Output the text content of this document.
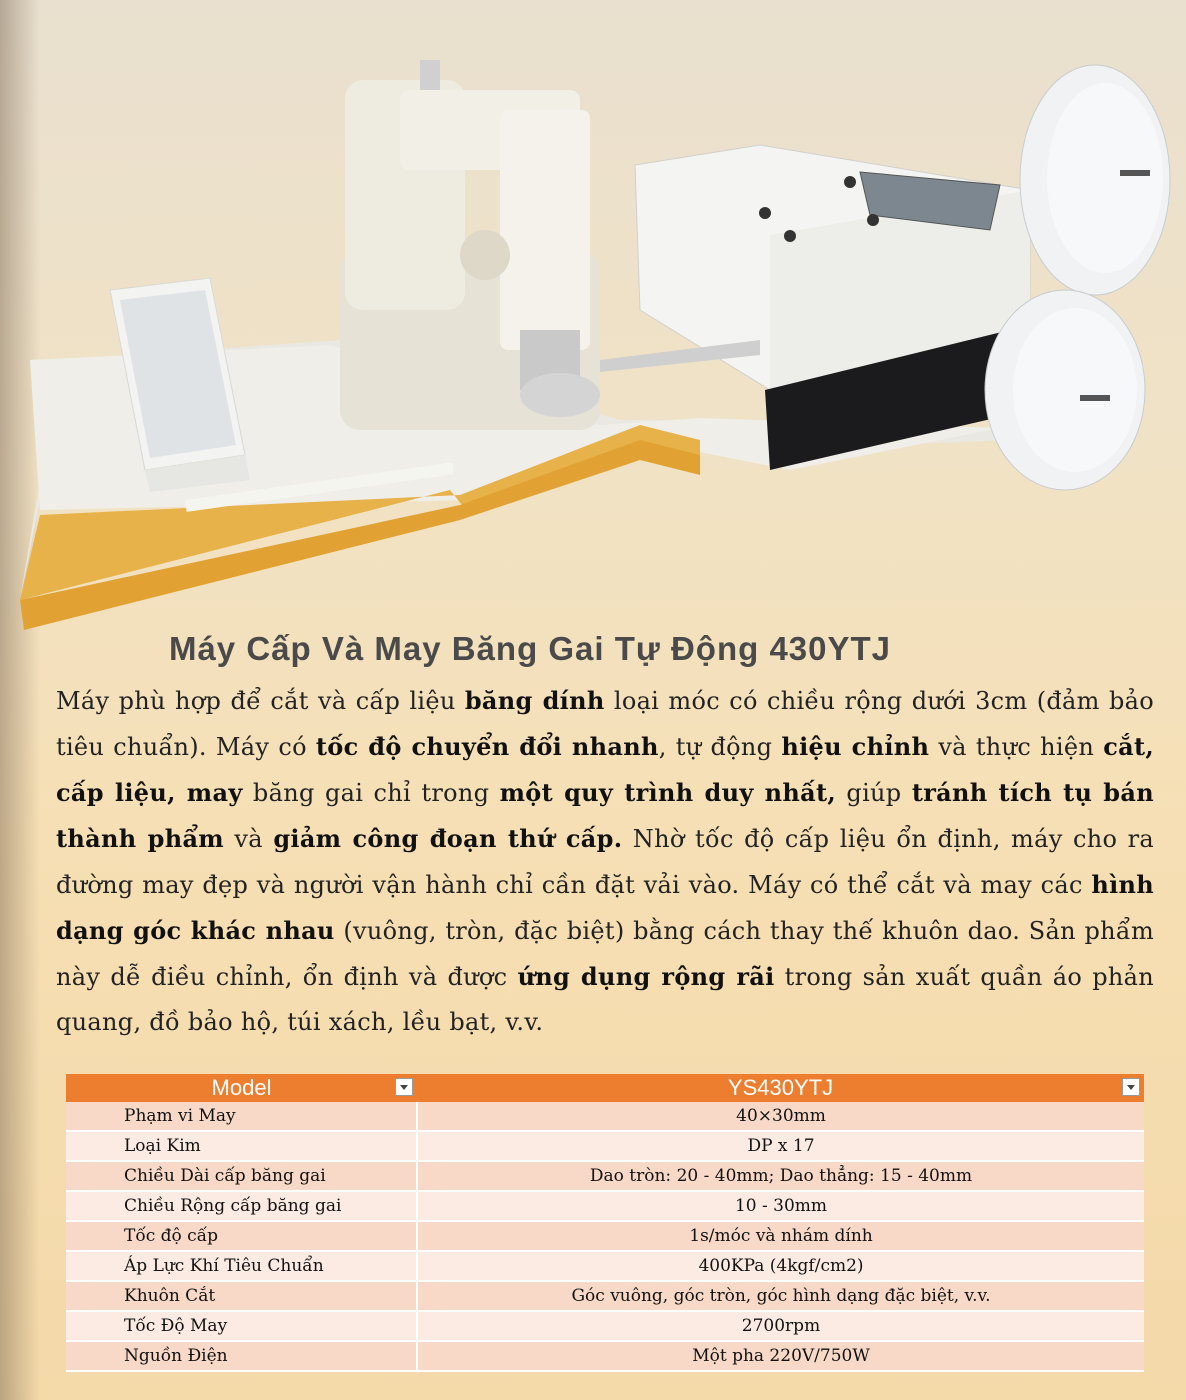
Máy Cấp Và May Băng Gai Tự Động 430YTJ
Máy phù hợp để cắt và cấp liệu băng dính loại móc có chiều rộng dưới 3cm (đảm bảo tiêu chuẩn). Máy có tốc độ chuyển đổi nhanh, tự động hiệu chỉnh và thực hiện cắt, cấp liệu, may băng gai chỉ trong một quy trình duy nhất, giúp tránh tích tụ bán thành phẩm và giảm công đoạn thứ cấp. Nhờ tốc độ cấp liệu ổn định, máy cho ra đường may đẹp và người vận hành chỉ cần đặt vải vào. Máy có thể cắt và may các hình dạng góc khác nhau (vuông, tròn, đặc biệt) bằng cách thay thế khuôn dao. Sản phẩm này dễ điều chỉnh, ổn định và được ứng dụng rộng rãi trong sản xuất quần áo phản quang, đồ bảo hộ, túi xách, lều bạt, v.v.
Model	YS430YTJ

Phạm vi May	40×30mm
Loại Kim	DP x 17
Chiều Dài cấp băng gai	Dao tròn: 20 - 40mm; Dao thẳng: 15 - 40mm
Chiều Rộng cấp băng gai	10 - 30mm
Tốc độ cấp	1s/móc và nhám dính
Áp Lực Khí Tiêu Chuẩn	400KPa (4kgf/cm2)
Khuôn Cắt	Góc vuông, góc tròn, góc hình dạng đặc biệt, v.v.
Tốc Độ May	2700rpm
Nguồn Điện	Một pha 220V/750W
